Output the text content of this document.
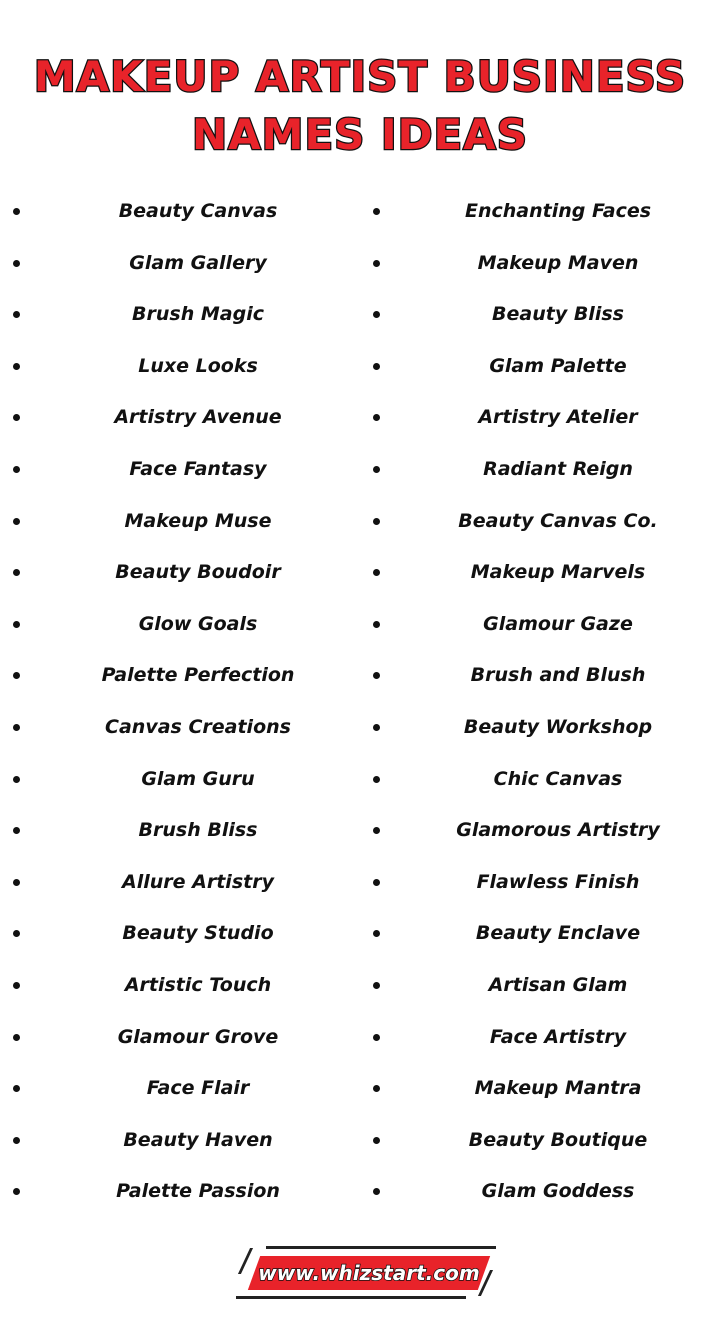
MAKEUP ARTIST BUSINESS
NAMES IDEAS
Beauty Canvas
Glam Gallery
Brush Magic
Luxe Looks
Artistry Avenue
Face Fantasy
Makeup Muse
Beauty Boudoir
Glow Goals
Palette Perfection
Canvas Creations
Glam Guru
Brush Bliss
Allure Artistry
Beauty Studio
Artistic Touch
Glamour Grove
Face Flair
Beauty Haven
Palette Passion
Enchanting Faces
Makeup Maven
Beauty Bliss
Glam Palette
Artistry Atelier
Radiant Reign
Beauty Canvas Co.
Makeup Marvels
Glamour Gaze
Brush and Blush
Beauty Workshop
Chic Canvas
Glamorous Artistry
Flawless Finish
Beauty Enclave
Artisan Glam
Face Artistry
Makeup Mantra
Beauty Boutique
Glam Goddess
www.whizstart.com
